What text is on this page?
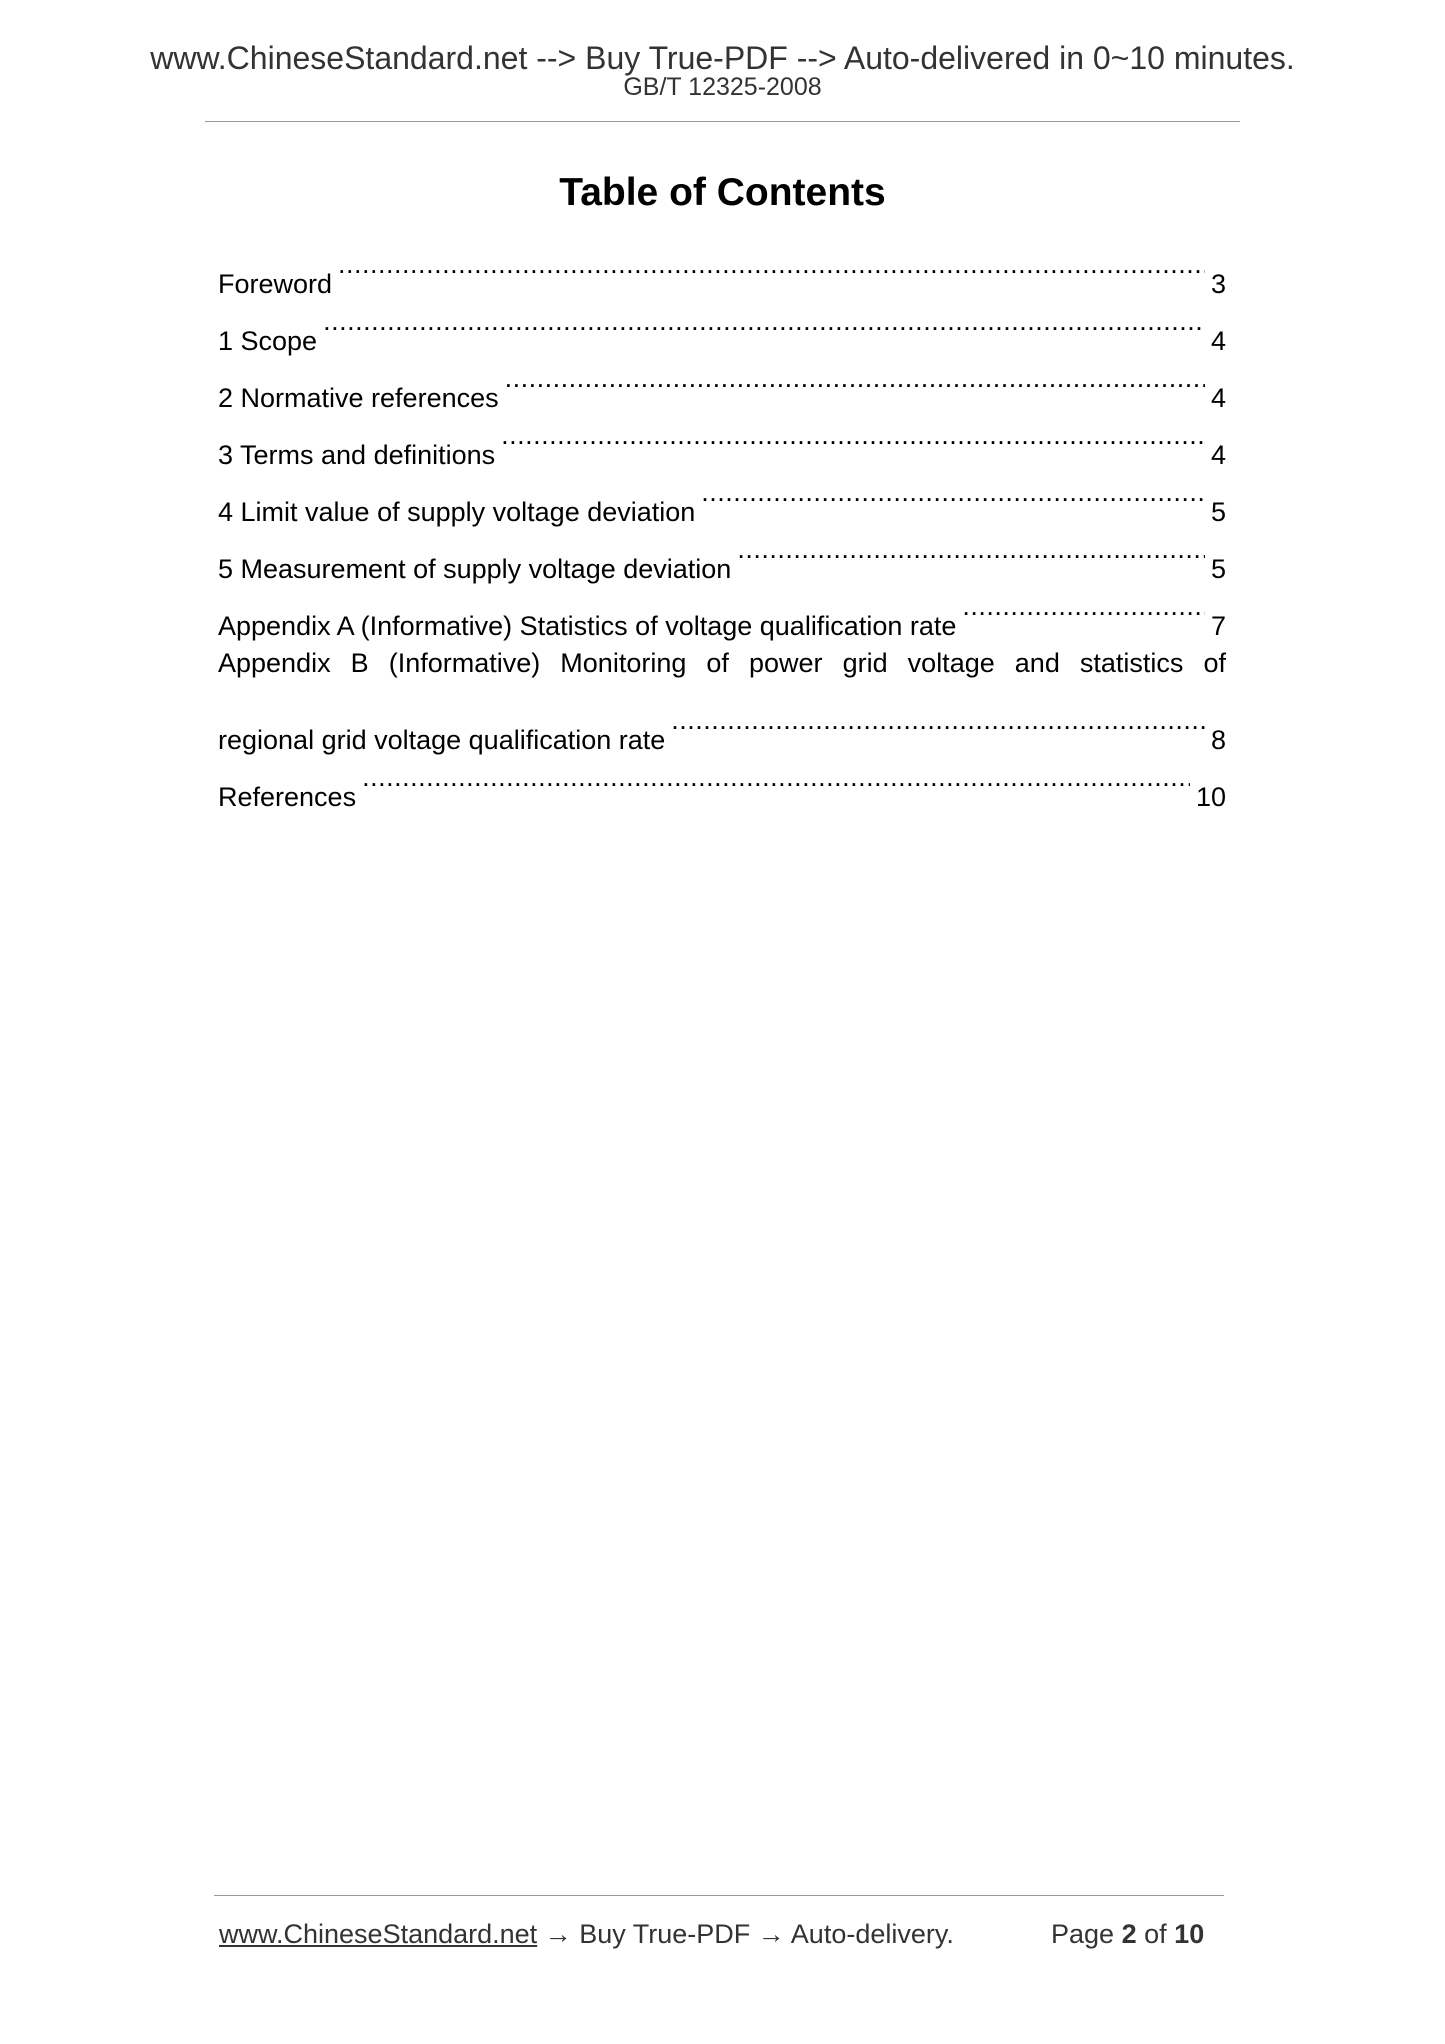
www.ChineseStandard.net --> Buy True-PDF --> Auto-delivered in 0~10 minutes.
GB/T 12325-2008
Table of Contents
Foreword .....	3
1 Scope .....	4
2 Normative references .....	4
3 Terms and definitions .....	4
4 Limit value of supply voltage deviation .....	5
5 Measurement of supply voltage deviation .....	5
Appendix A (Informative) Statistics of voltage qualification rate .....	7
Appendix B (Informative) Monitoring of power grid voltage and statistics of
regional grid voltage qualification rate .....	8
References .....	10
www.ChineseStandard.net → Buy True-PDF → Auto-delivery.	Page 2 of 10
